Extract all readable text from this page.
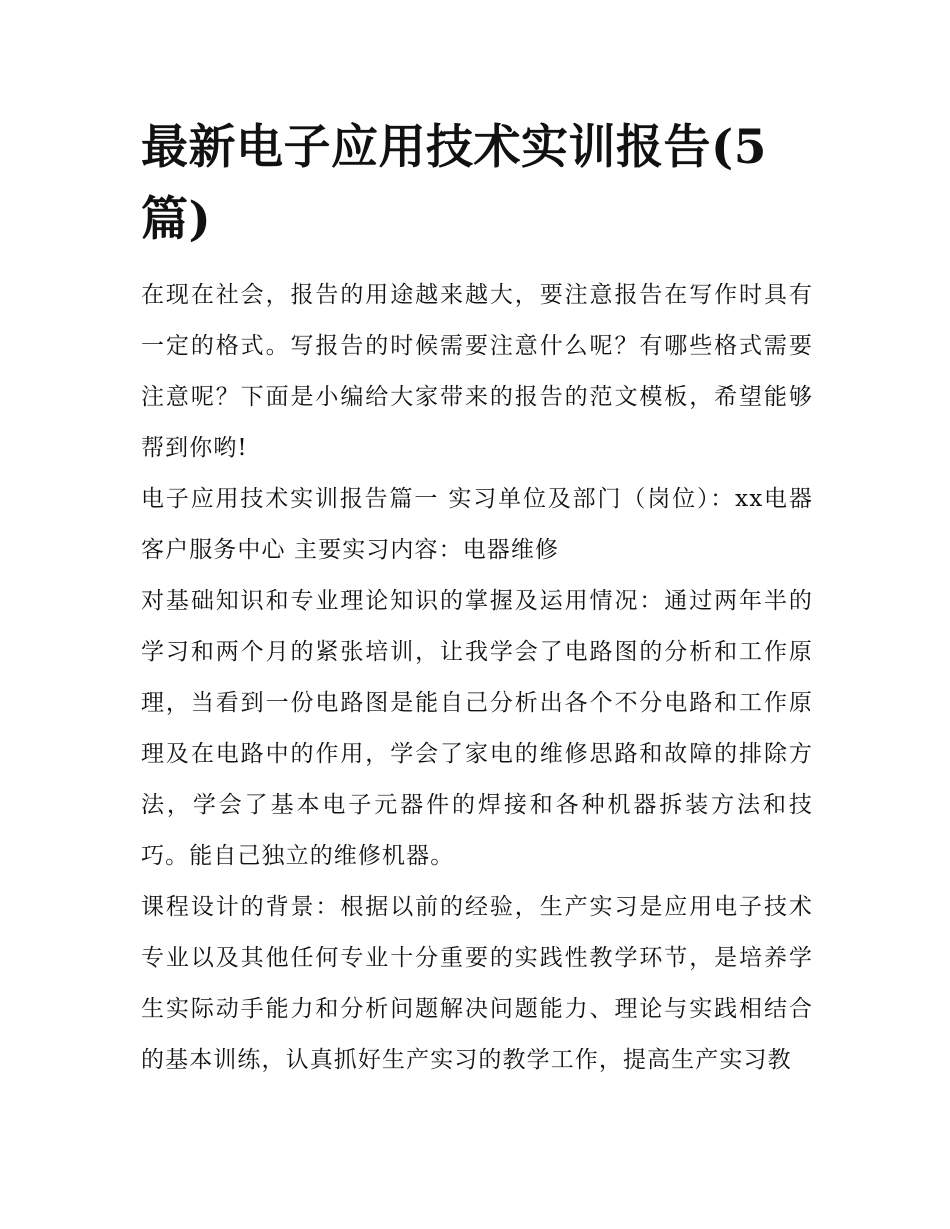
最新电子应用技术实训报告(5篇)

在现在社会，报告的用途越来越大，要注意报告在写作时具有一定的格式。写报告的时候需要注意什么呢？有哪些格式需要注意呢？下面是小编给大家带来的报告的范文模板，希望能够帮到你哟!

电子应用技术实训报告篇一 实习单位及部门（岗位）：xx电器客户服务中心 主要实习内容：电器维修

对基础知识和专业理论知识的掌握及运用情况：通过两年半的学习和两个月的紧张培训，让我学会了电路图的分析和工作原理，当看到一份电路图是能自己分析出各个不分电路和工作原理及在电路中的作用，学会了家电的维修思路和故障的排除方法，学会了基本电子元器件的焊接和各种机器拆装方法和技巧。能自己独立的维修机器。

课程设计的背景：根据以前的经验，生产实习是应用电子技术专业以及其他任何专业十分重要的实践性教学环节，是培养学生实际动手能力和分析问题解决问题能力、理论与实践相结合的基本训练，认真抓好生产实习的教学工作，提高生产实习教
